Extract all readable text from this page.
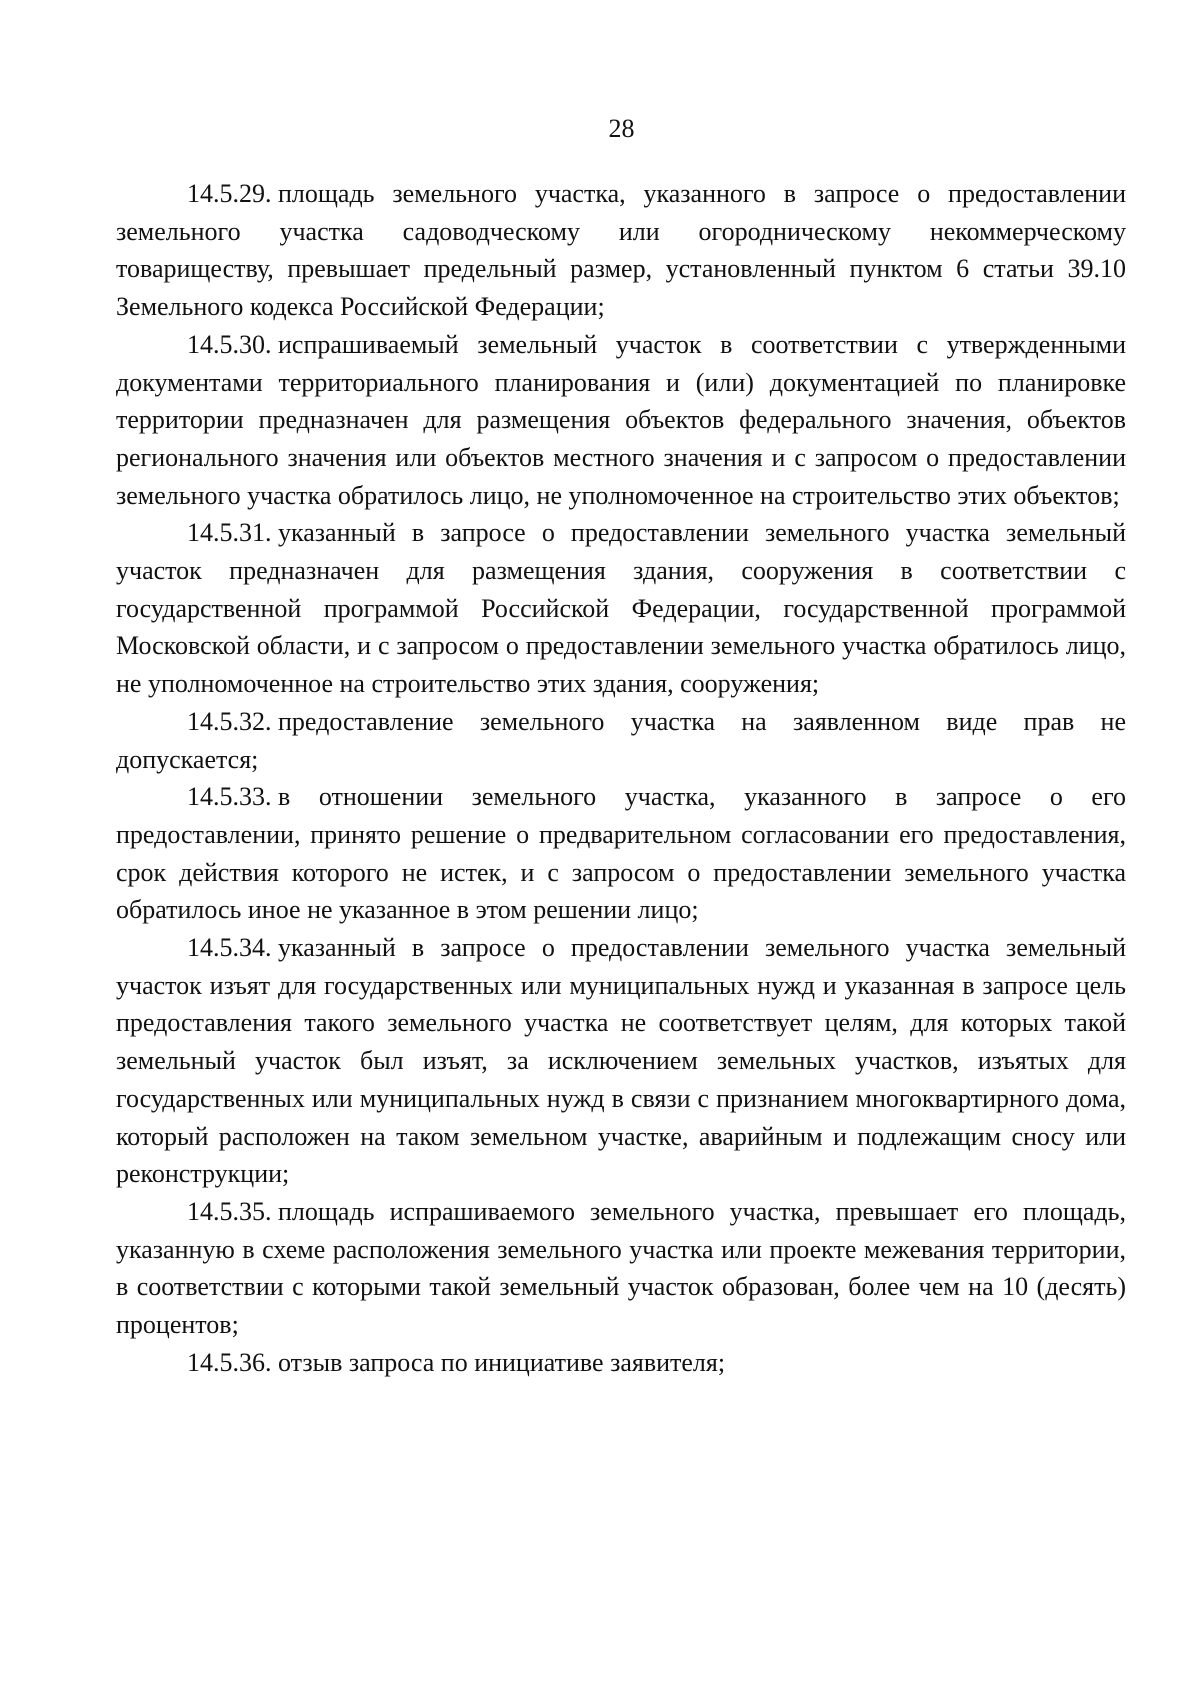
28

14.5.29. площадь земельного участка, указанного в запросе о предоставлении земельного участка садоводческому или огородническому некоммерческому товариществу, превышает предельный размер, установленный пунктом 6 статьи 39.10 Земельного кодекса Российской Федерации;

14.5.30. испрашиваемый земельный участок в соответствии с утвержденными документами территориального планирования и (или) документацией по планировке территории предназначен для размещения объектов федерального значения, объектов регионального значения или объектов местного значения и с запросом о предоставлении земельного участка обратилось лицо, не уполномоченное на строительство этих объектов;

14.5.31. указанный в запросе о предоставлении земельного участка земельный участок предназначен для размещения здания, сооружения в соответствии с государственной программой Российской Федерации, государственной программой Московской области, и с запросом о предоставлении земельного участка обратилось лицо, не уполномоченное на строительство этих здания, сооружения;

14.5.32. предоставление земельного участка на заявленном виде прав не допускается;

14.5.33. в отношении земельного участка, указанного в запросе о его предоставлении, принято решение о предварительном согласовании его предоставления, срок действия которого не истек, и с запросом о предоставлении земельного участка обратилось иное не указанное в этом решении лицо;

14.5.34. указанный в запросе о предоставлении земельного участка земельный участок изъят для государственных или муниципальных нужд и указанная в запросе цель предоставления такого земельного участка не соответствует целям, для которых такой земельный участок был изъят, за исключением земельных участков, изъятых для государственных или муниципальных нужд в связи с признанием многоквартирного дома, который расположен на таком земельном участке, аварийным и подлежащим сносу или реконструкции;

14.5.35. площадь испрашиваемого земельного участка, превышает его площадь, указанную в схеме расположения земельного участка или проекте межевания территории, в соответствии с которыми такой земельный участок образован, более чем на 10 (десять) процентов;

14.5.36. отзыв запроса по инициативе заявителя;
